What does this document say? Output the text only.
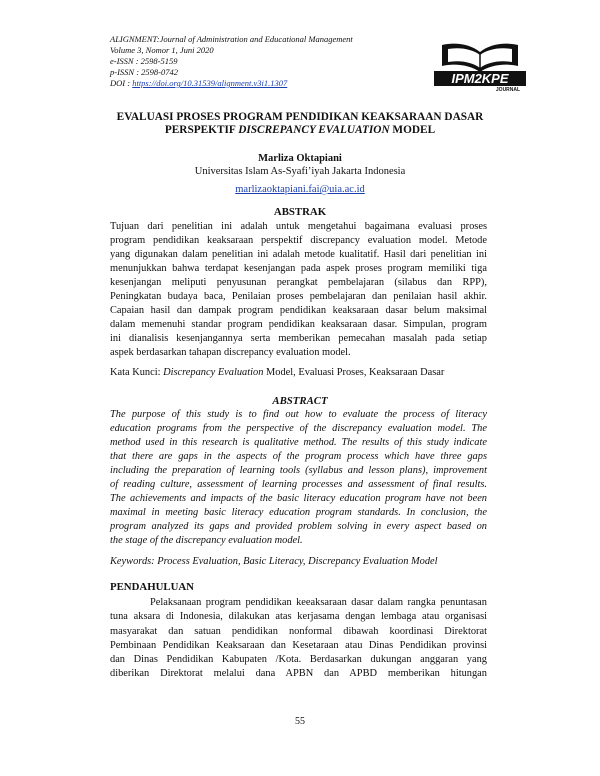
ALIGNMENT:Journal of Administration and Educational Management
Volume 3, Nomor 1, Juni 2020
e-ISSN : 2598-5159
p-ISSN : 2598-0742
DOI : https://doi.org/10.31539/alignment.v3i1.1307	IPM2KPE
JOURNAL
EVALUASI PROSES PROGRAM PENDIDIKAN KEAKSARAAN DASAR
PERSPEKTIF DISCREPANCY EVALUATION MODEL
Marliza Oktapiani
Universitas Islam As-Syafi’iyah Jakarta Indonesia
marlizaoktapiani.fai@uia.ac.id
ABSTRAK
Tujuan dari penelitian ini adalah untuk mengetahui bagaimana evaluasi proses
program pendidikan keaksaraan perspektif discrepancy evaluation model. Metode
yang digunakan dalam penelitian ini adalah metode kualitatif. Hasil dari penelitian ini
menunjukkan bahwa terdapat kesenjangan pada aspek proses program memiliki tiga
kesenjangan meliputi penyusunan perangkat pembelajaran (silabus dan RPP),
Peningkatan budaya baca, Penilaian proses pembelajaran dan penilaian hasil akhir.
Capaian hasil dan dampak program pendidikan keaksaraan dasar belum maksimal
dalam memenuhi standar program pendidikan keaksaraan dasar. Simpulan, program
ini dianalisis kesenjangannya serta memberikan pemecahan masalah pada setiap
aspek berdasarkan tahapan discrepancy evaluation model.
Kata Kunci: Discrepancy Evaluation Model, Evaluasi Proses, Keaksaraan Dasar
ABSTRACT
The purpose of this study is to find out how to evaluate the process of literacy
education programs from the perspective of the discrepancy evaluation model. The
method used in this research is qualitative method. The results of this study indicate
that there are gaps in the aspects of the program process which have three gaps
including the preparation of learning tools (syllabus and lesson plans), improvement
of reading culture, assessment of learning processes and assessment of final results.
The achievements and impacts of the basic literacy education program have not been
maximal in meeting basic literacy education program standards. In conclusion, the
program analyzed its gaps and provided problem solving in every aspect based on
the stage of the discrepancy evaluation model.
Keywords: Process Evaluation, Basic Literacy, Discrepancy Evaluation Model
PENDAHULUAN
Pelaksanaan program pendidikan keeaksaraan dasar dalam rangka penuntasan
tuna aksara di Indonesia, dilakukan atas kerjasama dengan lembaga atau organisasi
masyarakat dan satuan pendidikan nonformal dibawah koordinasi Direktorat
Pembinaan Pendidikan Keaksaraan dan Kesetaraan atau Dinas Pendidikan provinsi
dan Dinas Pendidikan Kabupaten /Kota. Berdasarkan dukungan anggaran yang
diberikan Direktorat melalui dana APBN dan APBD memberikan hitungan
55
